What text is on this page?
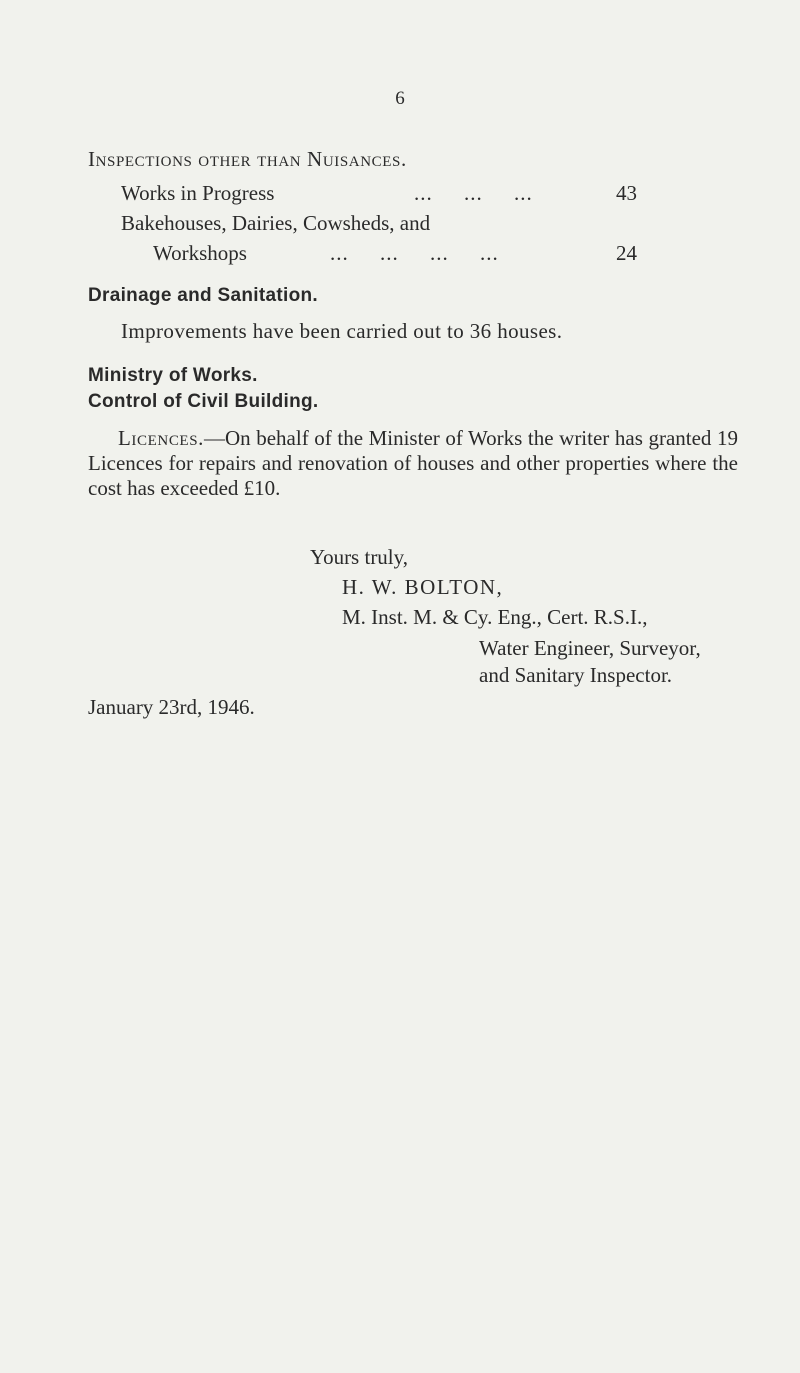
6
Inspections other than Nuisances.
Works in Progress	...     ...     ...	43
Bakehouses, Dairies, Cowsheds, and
Workshops	...     ...     ...     ...	24
Drainage and Sanitation.
Improvements have been carried out to 36 houses.
Ministry of Works.
Control of Civil Building.
Licences.—On behalf of the Minister of Works the writer has granted 19 Licences for repairs and renovation of houses and other properties where the cost has exceeded £10.
Yours truly,
H. W. BOLTON,
M. Inst. M. & Cy. Eng., Cert. R.S.I.,
Water Engineer, Surveyor,
and Sanitary Inspector.
January 23rd, 1946.
